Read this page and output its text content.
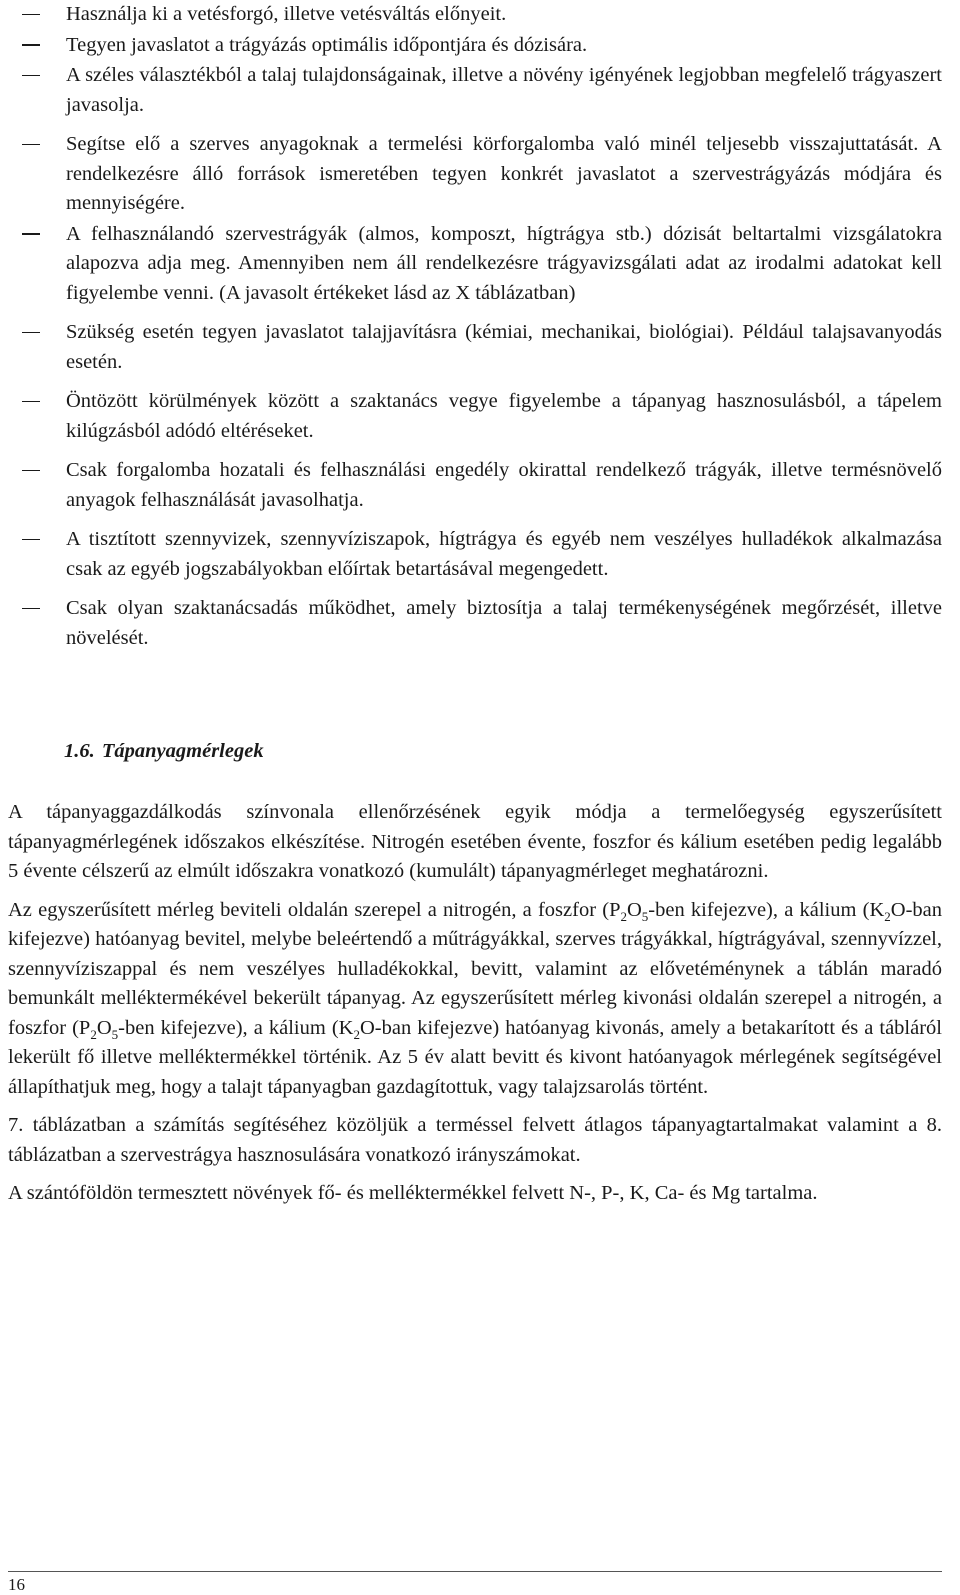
Használja ki a vetésforgó, illetve vetésváltás előnyeit.
Tegyen javaslatot a trágyázás optimális időpontjára és dózisára.
A széles választékból a talaj tulajdonságainak, illetve a növény igényének legjobban megfelelő trágyaszert javasolja.
Segítse elő a szerves anyagoknak a termelési körforgalomba való minél teljesebb visszajuttatását. A rendelkezésre álló források ismeretében tegyen konkrét javaslatot a szervestrágyázás módjára és mennyiségére.
A felhasználandó szervestrágyák (almos, komposzt, hígtrágya stb.) dózisát beltartalmi vizsgálatokra alapozva adja meg. Amennyiben nem áll rendelkezésre trágyavizsgálati adat az irodalmi adatokat kell figyelembe venni. (A javasolt értékeket lásd az X táblázatban)
Szükség esetén tegyen javaslatot talajjavításra (kémiai, mechanikai, biológiai). Például talajsavanyodás esetén.
Öntözött körülmények között a szaktanács vegye figyelembe a tápanyag hasznosulásból, a tápelem kilúgzásból adódó eltéréseket.
Csak forgalomba hozatali és felhasználási engedély okirattal rendelkező trágyák, illetve termésnövelő anyagok felhasználását javasolhatja.
A tisztított szennyvizek, szennyvíziszapok, hígtrágya és egyéb nem veszélyes hulladékok alkalmazása csak az egyéb jogszabályokban előírtak betartásával megengedett.
Csak olyan szaktanácsadás működhet, amely biztosítja a talaj termékenységének megőrzését, illetve növelését.
1.6. Tápanyagmérlegek

A tápanyaggazdálkodás színvonala ellenőrzésének egyik módja a termelőegység egyszerűsített tápanyagmérlegének időszakos elkészítése. Nitrogén esetében évente, foszfor és kálium esetében pedig legalább 5 évente célszerű az elmúlt időszakra vonatkozó (kumulált) tápanyagmérleget meghatározni.

Az egyszerűsített mérleg beviteli oldalán szerepel a nitrogén, a foszfor ($P_2O_5$-ben kifejezve), a kálium ($K_2O$-ban kifejezve) hatóanyag bevitel, melybe beleértendő a műtrágyákkal, szerves trágyákkal, hígtrágyával, szennyvízzel, szennyvíziszappal és nem veszélyes hulladékokkal, bevitt, valamint az elővetéménynek a táblán maradó bemunkált melléktermékével bekerült tápanyag. Az egyszerűsített mérleg kivonási oldalán szerepel a nitrogén, a foszfor ($P_2O_5$-ben kifejezve), a kálium ($K_2O$-ban kifejezve) hatóanyag kivonás, amely a betakarított és a tábláról lekerült fő illetve melléktermékkel történik. Az 5 év alatt bevitt és kivont hatóanyagok mérlegének segítségével állapíthatjuk meg, hogy a talajt tápanyagban gazdagítottuk, vagy talajzsarolás történt.

7. táblázatban a számítás segítéséhez közöljük a terméssel felvett átlagos tápanyagtartalmakat valamint a 8. táblázatban a szervestrágya hasznosulására vonatkozó irányszámokat.

A szántóföldön termesztett növények fő- és melléktermékkel felvett N-, P-, K, Ca- és Mg tartalma.

16
